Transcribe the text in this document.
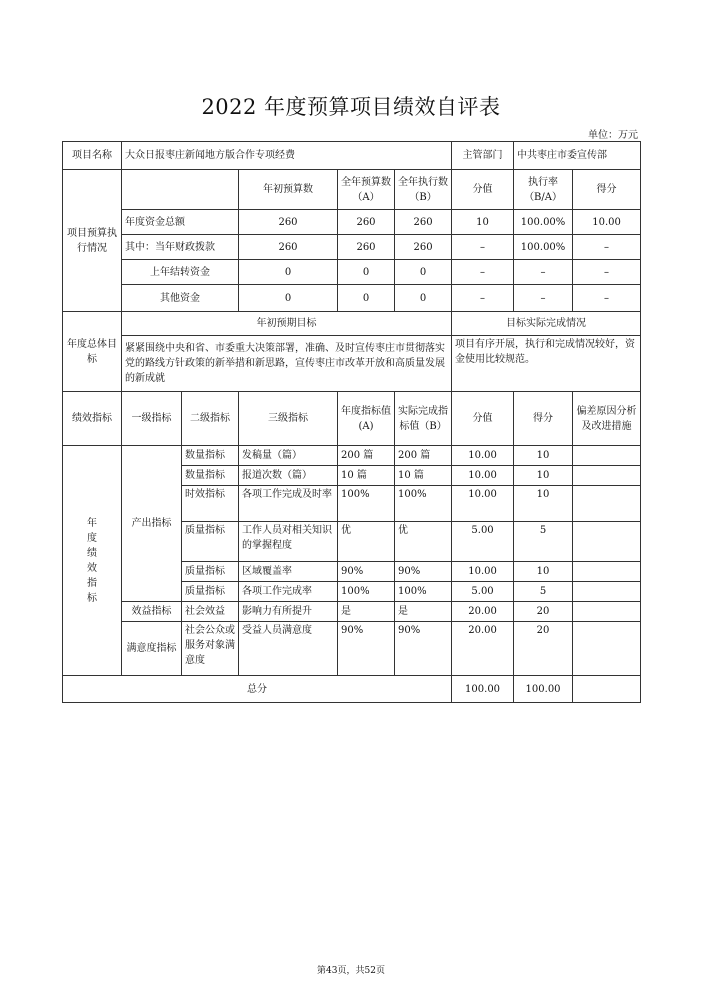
2022 年度预算项目绩效自评表
单位：万元
项目名称	大众日报枣庄新闻地方版合作专项经费					主管部门	中共枣庄市委宣传部	
项目预算执行情况			年初预算数	全年预算数（A）	全年执行数（B）	分值	执行率（B/A）	得分
	年度资金总额		260	260	260	10	100.00%	10.00
	其中：当年财政拨款		260	260	260	–	100.00%	–
	上年结转资金		0	0	0	–	–	–
	其他资金		0	0	0	–	–	–
年度总体目标	年初预期目标					目标实际完成情况		
	紧紧围绕中央和省、市委重大决策部署，准确、及时宣传枣庄市贯彻落实党的路线方针政策的新举措和新思路，宣传枣庄市改革开放和高质量发展的新成就					项目有序开展，执行和完成情况较好，资金使用比较规范。		
绩效指标	一级指标	二级指标	三级指标	年度指标值(A)	实际完成指标值（B）	分值	得分	偏差原因分析及改进措施
年度绩效指标	产出指标	数量指标	发稿量（篇）	200 篇	200 篇	10.00	10	
		数量指标	报道次数（篇）	10 篇	10 篇	10.00	10	
		时效指标	各项工作完成及时率	100%	100%	10.00	10	
		质量指标	工作人员对相关知识的掌握程度	优	优	5.00	5	
		质量指标	区域覆盖率	90%	90%	10.00	10	
		质量指标	各项工作完成率	100%	100%	5.00	5	
	效益指标	社会效益	影响力有所提升	是	是	20.00	20	
	满意度指标	社会公众或服务对象满意度	受益人员满意度	90%	90%	20.00	20	
总分						100.00	100.00	
第43页，共52页
